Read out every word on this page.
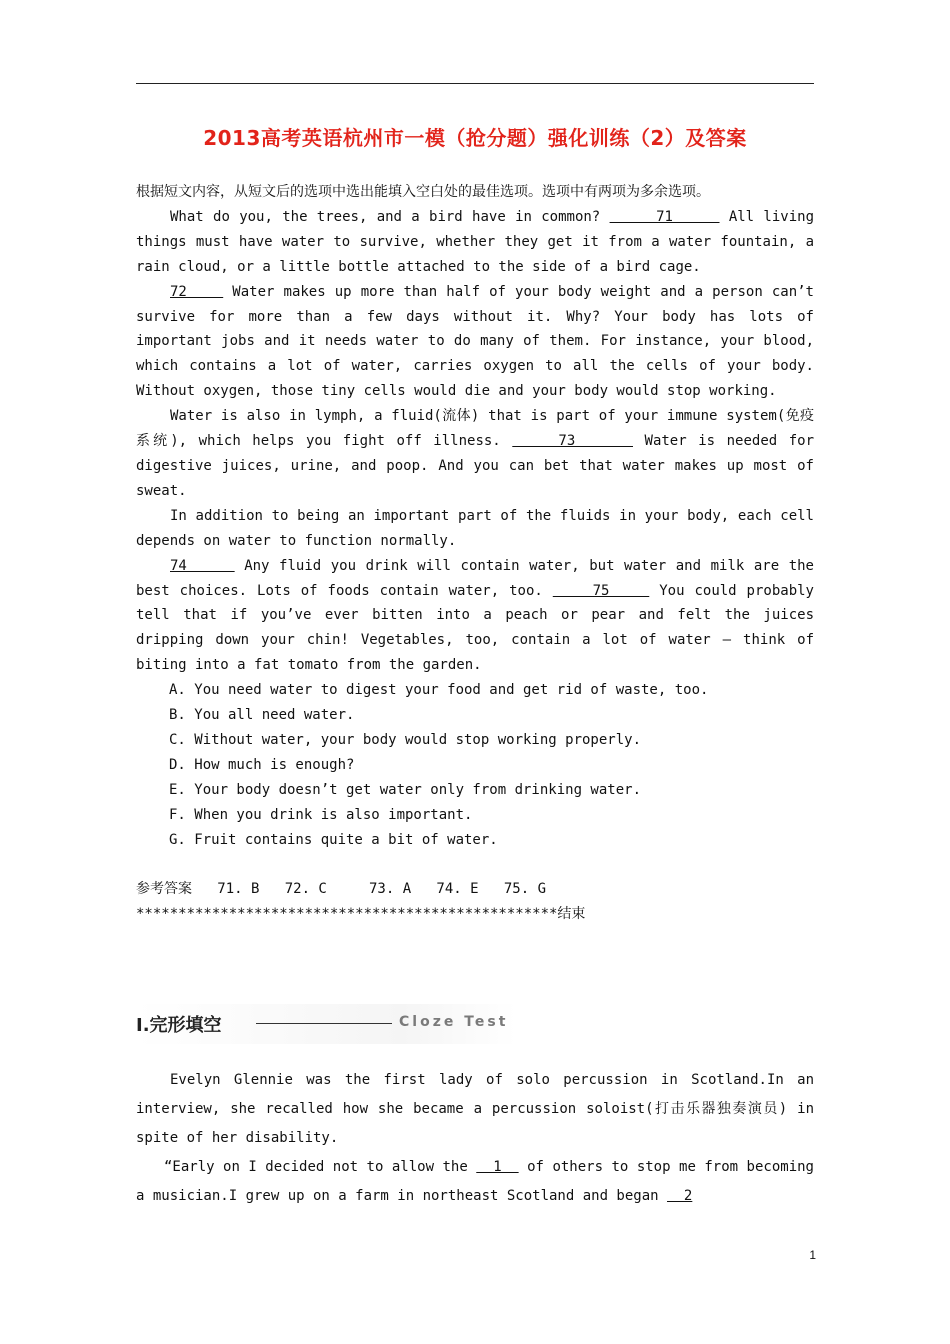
2013高考英语杭州市一模（抢分题）强化训练（2）及答案

根据短文内容，从短文后的选项中选出能填入空白处的最佳选项。选项中有两项为多余选项。

What do you, the trees, and a bird have in common?      71      All living things must have water to survive, whether they get it from a water fountain, a rain cloud, or a little bottle attached to the side of a bird cage.

72     Water makes up more than half of your body weight and a person can’t survive for more than a few days without it. Why? Your body has lots of important jobs and it needs water to do many of them. For instance, your blood, which contains a lot of water, carries oxygen to all the cells of your body. Without oxygen, those tiny cells would die and your body would stop working.

Water is also in lymph, a fluid(流体) that is part of your immune system(免疫系统), which helps you fight off illness.     73      Water is needed for digestive juices, urine, and poop. And you can bet that water makes up most of sweat.

In addition to being an important part of the fluids in your body, each cell depends on water to function normally.

74      Any fluid you drink will contain water, but water and milk are the best choices. Lots of foods contain water, too.     75     You could probably tell that if you’ve ever bitten into a peach or pear and felt the juices dripping down your chin! Vegetables, too, contain a lot of water — think of biting into a fat tomato from the garden.

A. You need water to digest your food and get rid of waste, too.

B. You all need water.

C. Without water, your body would stop working properly.

D. How much is enough?

E. Your body doesn’t get water only from drinking water.

F. When you drink is also important.

G. Fruit contains quite a bit of water.

参考答案   71. B   72. C     73. A   74. E   75. G

**************************************************结束

I.完形填空	Cloze Test

Evelyn Glennie was the first lady of solo percussion in Scotland.In an interview, she recalled how she became a percussion soloist(打击乐器独奏演员) in spite of her disability.

“Early on I decided not to allow the   1   of others to stop me from becoming a musician.I grew up on a farm in northeast Scotland and began   2

1
